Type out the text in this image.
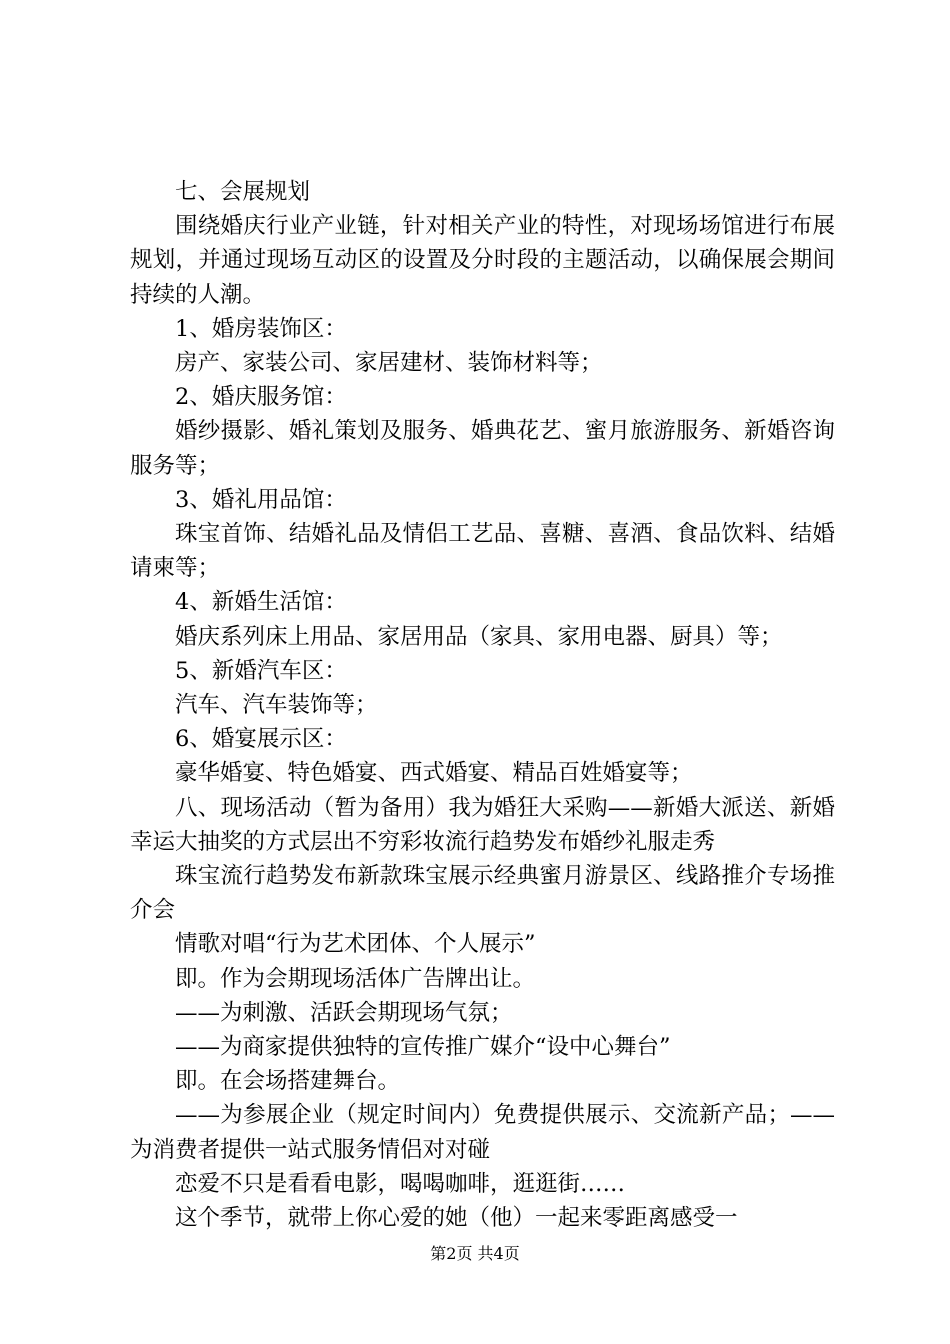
七、会展规划

围绕婚庆行业产业链，针对相关产业的特性，对现场场馆进行布展规划，并通过现场互动区的设置及分时段的主题活动，以确保展会期间持续的人潮。

1、婚房装饰区：

房产、家装公司、家居建材、装饰材料等；

2、婚庆服务馆：

婚纱摄影、婚礼策划及服务、婚典花艺、蜜月旅游服务、新婚咨询服务等；

3、婚礼用品馆：

珠宝首饰、结婚礼品及情侣工艺品、喜糖、喜酒、食品饮料、结婚请柬等；

4、新婚生活馆：

婚庆系列床上用品、家居用品（家具、家用电器、厨具）等；

5、新婚汽车区：

汽车、汽车装饰等；

6、婚宴展示区：

豪华婚宴、特色婚宴、西式婚宴、精品百姓婚宴等；

八、现场活动（暂为备用）我为婚狂大采购——新婚大派送、新婚幸运大抽奖的方式层出不穷彩妆流行趋势发布婚纱礼服走秀

珠宝流行趋势发布新款珠宝展示经典蜜月游景区、线路推介专场推介会

情歌对唱“行为艺术团体、个人展示”

即。作为会期现场活体广告牌出让。

——为刺激、活跃会期现场气氛；

——为商家提供独特的宣传推广媒介“设中心舞台”

即。在会场搭建舞台。

——为参展企业（规定时间内）免费提供展示、交流新产品；——为消费者提供一站式服务情侣对对碰

恋爱不只是看看电影，喝喝咖啡，逛逛街……

这个季节，就带上你心爱的她（他）一起来零距离感受一

第2页 共4页
